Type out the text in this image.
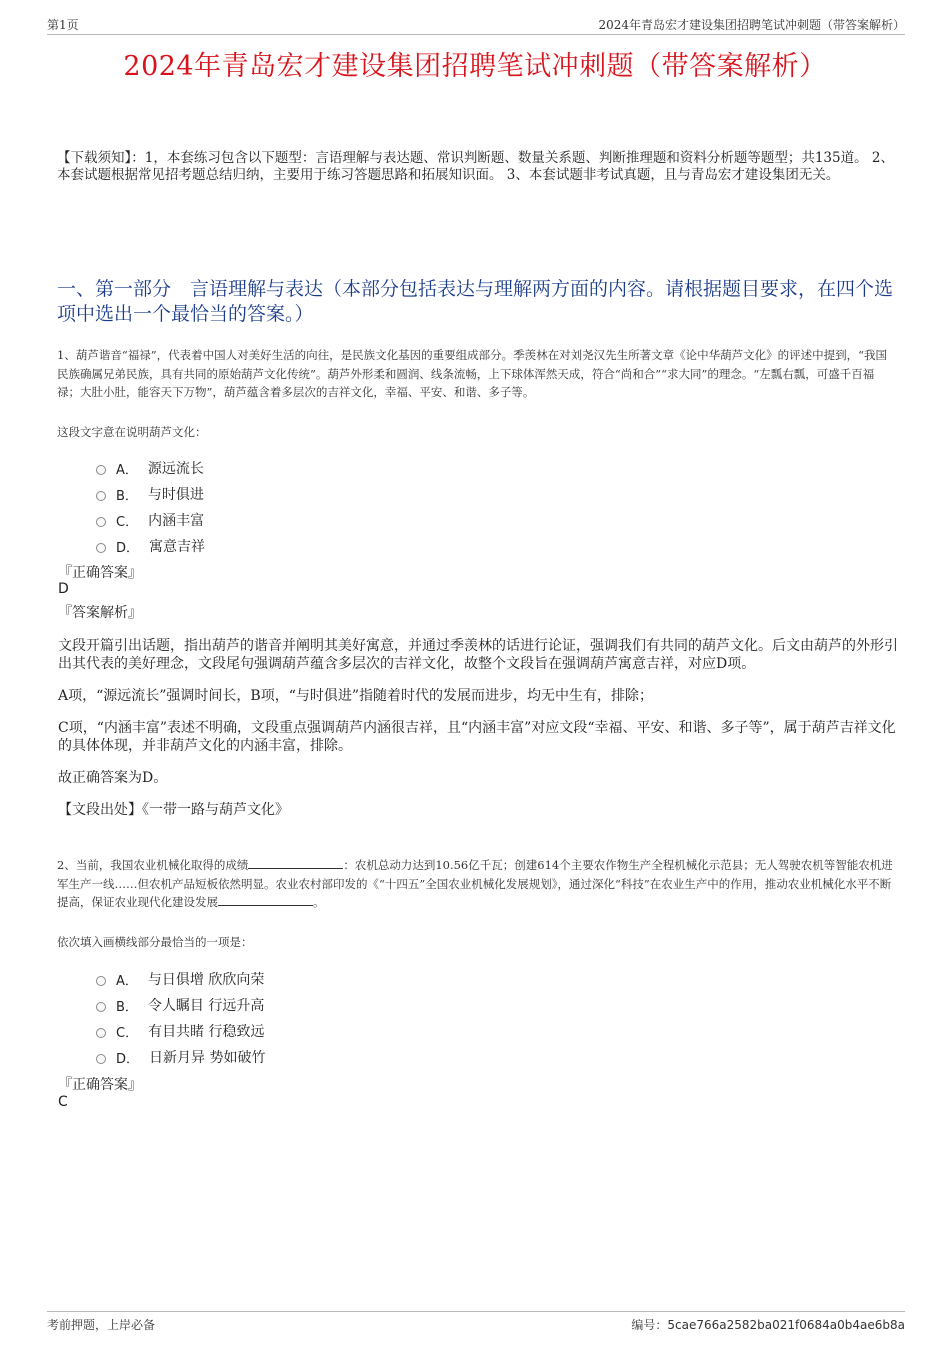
第1页	2024年青岛宏才建设集团招聘笔试冲刺题（带答案解析）
2024年青岛宏才建设集团招聘笔试冲刺题（带答案解析）
【下载须知】：1，本套练习包含以下题型：言语理解与表达题、常识判断题、数量关系题、判断推理题和资料分析题等题型；共135道。 2、本套试题根据常见招考题总结归纳，主要用于练习答题思路和拓展知识面。 3、本套试题非考试真题，且与青岛宏才建设集团无关。
一、第一部分　言语理解与表达（本部分包括表达与理解两方面的内容。请根据题目要求，在四个选项中选出一个最恰当的答案。）
1、葫芦谐音“福禄”，代表着中国人对美好生活的向往，是民族文化基因的重要组成部分。季羡林在对刘尧汉先生所著文章《论中华葫芦文化》的评述中提到，“我国民族确属兄弟民族，具有共同的原始葫芦文化传统”。葫芦外形柔和圆润、线条流畅，上下球体浑然天成，符合“尚和合”“求大同”的理念。“左瓢右瓢，可盛千百福禄；大肚小肚，能容天下万物”，葫芦蕴含着多层次的吉祥文化，幸福、平安、和谐、多子等。
这段文字意在说明葫芦文化：
A． 源远流长
B． 与时俱进
C． 内涵丰富
D． 寓意吉祥
『正确答案』
D
『答案解析』

文段开篇引出话题，指出葫芦的谐音并阐明其美好寓意，并通过季羡林的话进行论证，强调我们有共同的葫芦文化。后文由葫芦的外形引出其代表的美好理念，文段尾句强调葫芦蕴含多层次的吉祥文化，故整个文段旨在强调葫芦寓意吉祥，对应D项。

A项，“源远流长”强调时间长，B项，“与时俱进”指随着时代的发展而进步，均无中生有，排除；

C项，“内涵丰富”表述不明确，文段重点强调葫芦内涵很吉祥，且“内涵丰富”对应文段“幸福、平安、和谐、多子等”，属于葫芦吉祥文化的具体体现，并非葫芦文化的内涵丰富，排除。

故正确答案为D。

【文段出处】《一带一路与葫芦文化》

2、当前，我国农业机械化取得的成绩	：农机总动力达到10.56亿千瓦；创建614个主要农作物生产全程机械化示范县；无人驾驶农机等智能农机进军生产一线……但农机产品短板依然明显。农业农村部印发的《“十四五”全国农业机械化发展规划》，通过深化“科技”在农业生产中的作用，推动农业机械化水平不断提高，保证农业现代化建设发展	。
依次填入画横线部分最恰当的一项是：
A． 与日俱增 欣欣向荣
B． 令人瞩目 行远升高
C． 有目共睹 行稳致远
D． 日新月异 势如破竹
『正确答案』
C
考前押题，上岸必备	编号：5cae766a2582ba021f0684a0b4ae6b8a
